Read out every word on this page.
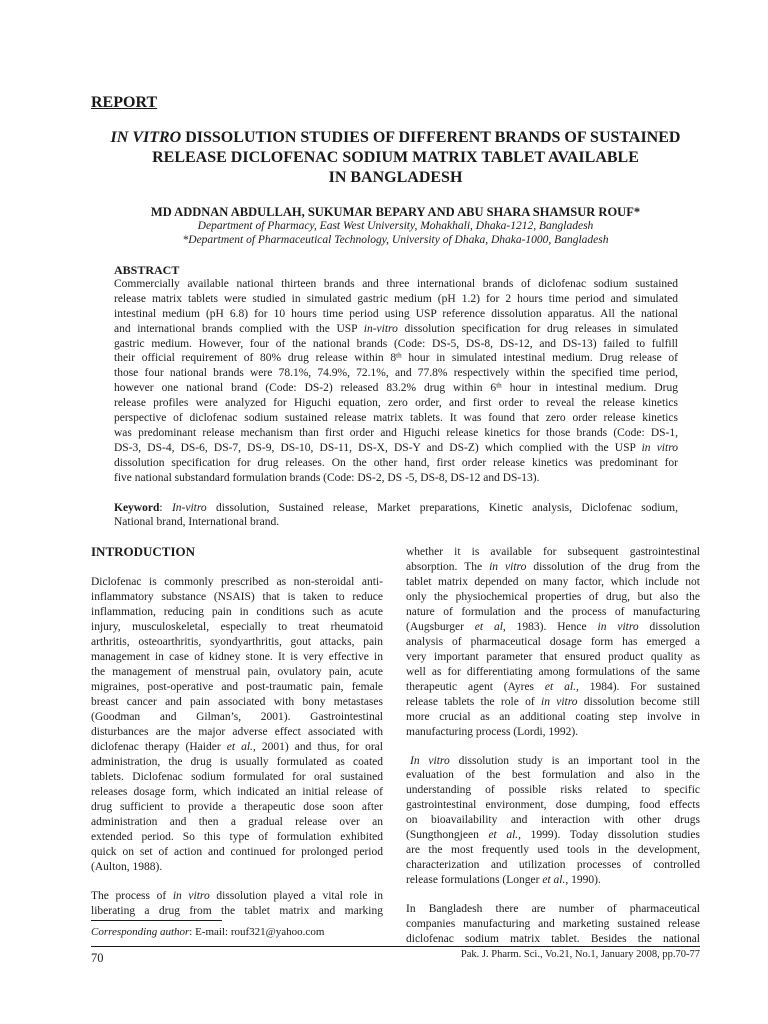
REPORT
IN VITRO DISSOLUTION STUDIES OF DIFFERENT BRANDS OF SUSTAINED
RELEASE DICLOFENAC SODIUM MATRIX TABLET AVAILABLE
IN BANGLADESH
MD ADDNAN ABDULLAH, SUKUMAR BEPARY AND ABU SHARA SHAMSUR ROUF*
Department of Pharmacy, East West University, Mohakhali, Dhaka-1212, Bangladesh
*Department of Pharmaceutical Technology, University of Dhaka, Dhaka-1000, Bangladesh
ABSTRACT
Commercially available national thirteen brands and three international brands of diclofenac sodium sustained
release matrix tablets were studied in simulated gastric medium (pH 1.2) for 2 hours time period and simulated
intestinal medium (pH 6.8) for 10 hours time period using USP reference dissolution apparatus. All the national
and international brands complied with the USP in-vitro dissolution specification for drug releases in simulated
gastric medium. However, four of the national brands (Code: DS-5, DS-8, DS-12, and DS-13) failed to fulfill
their official requirement of 80% drug release within 8th hour in simulated intestinal medium. Drug release of
those four national brands were 78.1%, 74.9%, 72.1%, and 77.8% respectively within the specified time period,
however one national brand (Code: DS-2) released 83.2% drug within 6th hour in intestinal medium. Drug
release profiles were analyzed for Higuchi equation, zero order, and first order to reveal the release kinetics
perspective of diclofenac sodium sustained release matrix tablets. It was found that zero order release kinetics
was predominant release mechanism than first order and Higuchi release kinetics for those brands (Code: DS-1,
DS-3, DS-4, DS-6, DS-7, DS-9, DS-10, DS-11, DS-X, DS-Y and DS-Z) which complied with the USP in vitro
dissolution specification for drug releases. On the other hand, first order release kinetics was predominant for
five national substandard formulation brands (Code: DS-2, DS -5, DS-8, DS-12 and DS-13).
Keyword: In-vitro dissolution, Sustained release, Market preparations, Kinetic analysis, Diclofenac sodium,
National brand, International brand.
INTRODUCTION
Diclofenac is commonly prescribed as non-steroidal anti-
inflammatory substance (NSAIS) that is taken to reduce
inflammation, reducing pain in conditions such as acute
injury, musculoskeletal, especially to treat rheumatoid
arthritis, osteoarthritis, syondyarthritis, gout attacks, pain
management in case of kidney stone. It is very effective in
the management of menstrual pain, ovulatory pain, acute
migraines, post-operative and post-traumatic pain, female
breast cancer and pain associated with bony metastases
(Goodman and Gilman’s, 2001). Gastrointestinal
disturbances are the major adverse effect associated with
diclofenac therapy (Haider et al., 2001) and thus, for oral
administration, the drug is usually formulated as coated
tablets. Diclofenac sodium formulated for oral sustained
releases dosage form, which indicated an initial release of
drug sufficient to provide a therapeutic dose soon after
administration and then a gradual release over an
extended period. So this type of formulation exhibited
quick on set of action and continued for prolonged period
(Aulton, 1988).
The process of in vitro dissolution played a vital role in
liberating a drug from the tablet matrix and marking
whether it is available for subsequent gastrointestinal
absorption. The in vitro dissolution of the drug from the
tablet matrix depended on many factor, which include not
only the physiochemical properties of drug, but also the
nature of formulation and the process of manufacturing
(Augsburger et al, 1983). Hence in vitro dissolution
analysis of pharmaceutical dosage form has emerged a
very important parameter that ensured product quality as
well as for differentiating among formulations of the same
therapeutic agent (Ayres et al., 1984). For sustained
release tablets the role of in vitro dissolution become still
more crucial as an additional coating step involve in
manufacturing process (Lordi, 1992).
In vitro dissolution study is an important tool in the
evaluation of the best formulation and also in the
understanding of possible risks related to specific
gastrointestinal environment, dose dumping, food effects
on bioavailability and interaction with other drugs
(Sungthongjeen et al., 1999). Today dissolution studies
are the most frequently used tools in the development,
characterization and utilization processes of controlled
release formulations (Longer et al., 1990).
In Bangladesh there are number of pharmaceutical
companies manufacturing and marketing sustained release
diclofenac sodium matrix tablet. Besides the national
Corresponding author: E-mail: rouf321@yahoo.com
70	Pak. J. Pharm. Sci., Vo.21, No.1, January 2008, pp.70-77
